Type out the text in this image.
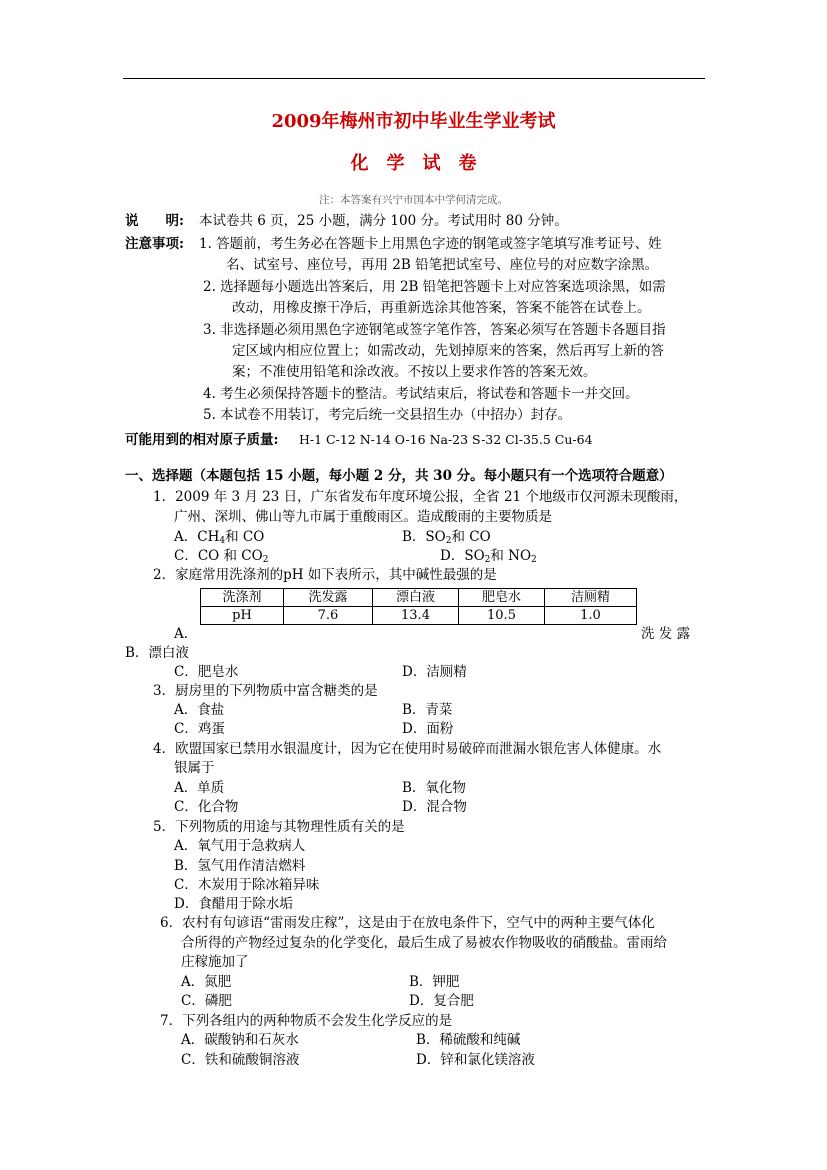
2009年梅州市初中毕业生学业考试
化　学　试　卷
注：本答案有兴宁市国本中学何清完成。
说　　明: 本试卷共 6 页，25 小题，满分 100 分。考试用时 80 分钟。
注意事项: 1. 答题前，考生务必在答题卡上用黑色字迹的钢笔或签字笔填写准考证号、姓
名、试室号、座位号，再用 2B 铅笔把试室号、座位号的对应数字涂黑。
2. 选择题每小题选出答案后，用 2B 铅笔把答题卡上对应答案选项涂黑，如需
改动，用橡皮擦干净后，再重新选涂其他答案，答案不能答在试卷上。
3. 非选择题必须用黑色字迹钢笔或签字笔作答，答案必须写在答题卡各题目指
定区域内相应位置上；如需改动，先划掉原来的答案，然后再写上新的答
案；不准使用铅笔和涂改液。不按以上要求作答的答案无效。
4. 考生必须保持答题卡的整洁。考试结束后，将试卷和答题卡一并交回。
5. 本试卷不用装订，考完后统一交县招生办（中招办）封存。
可能用到的相对原子质量: H-1 C-12 N-14 O-16 Na-23 S-32 Cl-35.5 Cu-64
一、选择题（本题包括 15 小题，每小题 2 分，共 30 分。每小题只有一个选项符合题意）
1．2009 年 3 月 23 日，广东省发布年度环境公报，全省 21 个地级市仅河源未现酸雨，
广州、深圳、佛山等九市属于重酸雨区。造成酸雨的主要物质是
A．$CH_4$和 CO	B．$SO_2$和 CO
C．CO 和 $CO_2$	D．$SO_2$和 $NO_2$
2．家庭常用洗涤剂的pH 如下表所示，其中碱性最强的是
洗涤剂	洗发露	漂白液	肥皂水	洁厕精
pH	7.6	13.4	10.5	1.0
A．	洗 发 露
B．漂白液
C．肥皂水	D．洁厕精
3．厨房里的下列物质中富含糖类的是
A．食盐	B．青菜
C．鸡蛋	D．面粉
4．欧盟国家已禁用水银温度计，因为它在使用时易破碎而泄漏水银危害人体健康。水
银属于
A．单质	B．氧化物
C．化合物	D．混合物
5．下列物质的用途与其物理性质有关的是
A．氧气用于急救病人
B．氢气用作清洁燃料
C．木炭用于除冰箱异味
D．食醋用于除水垢
6．农村有句谚语“雷雨发庄稼”，这是由于在放电条件下，空气中的两种主要气体化
合所得的产物经过复杂的化学变化，最后生成了易被农作物吸收的硝酸盐。雷雨给
庄稼施加了
A．氮肥	B．钾肥
C．磷肥	D．复合肥
7．下列各组内的两种物质不会发生化学反应的是
A．碳酸钠和石灰水	B．稀硫酸和纯碱
C．铁和硫酸铜溶液	D．锌和氯化镁溶液
